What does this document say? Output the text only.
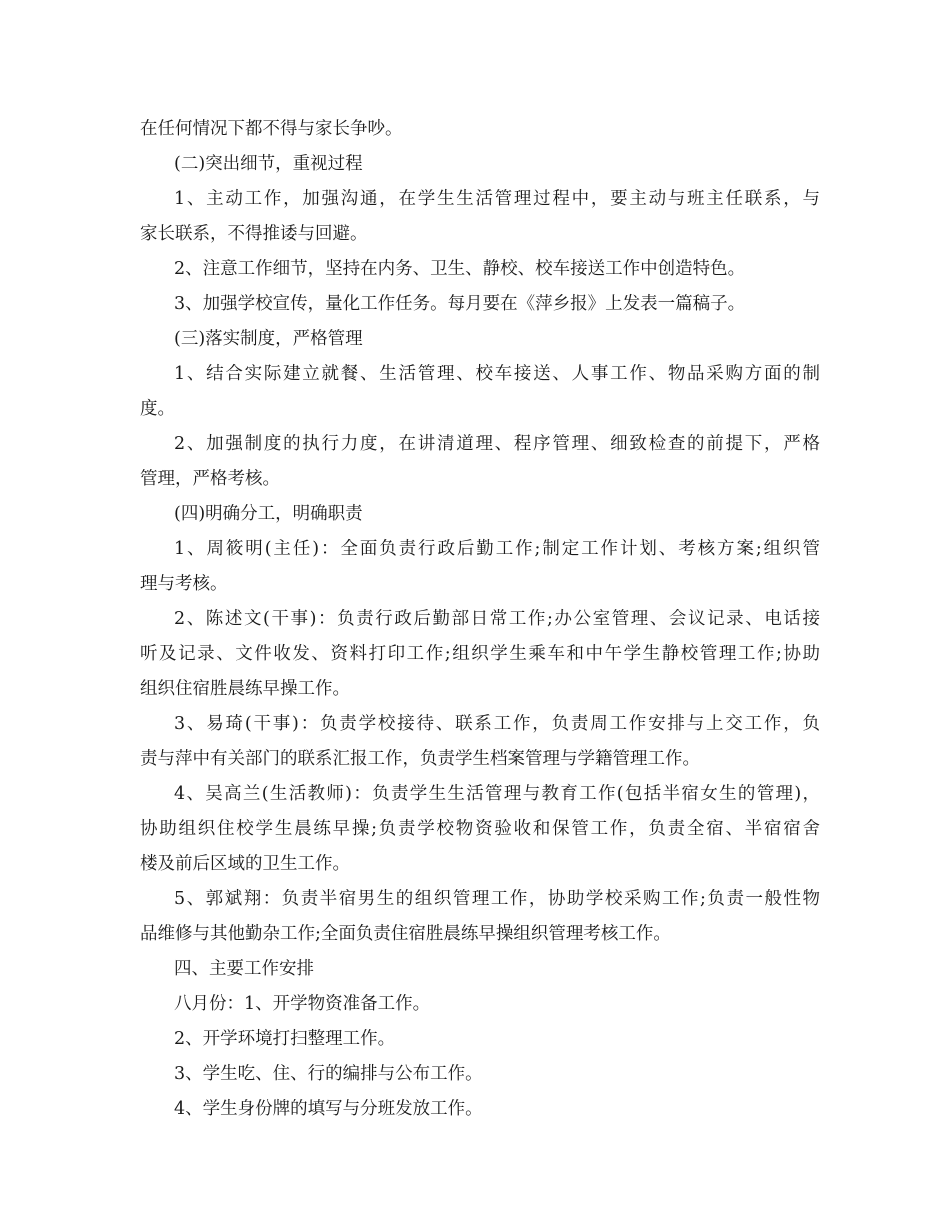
在任何情况下都不得与家长争吵。
(二)突出细节，重视过程
1、主动工作，加强沟通，在学生生活管理过程中，要主动与班主任联系，与
家长联系，不得推诿与回避。
2、注意工作细节，坚持在内务、卫生、静校、校车接送工作中创造特色。
3、加强学校宣传，量化工作任务。每月要在《萍乡报》上发表一篇稿子。
(三)落实制度，严格管理
1、结合实际建立就餐、生活管理、校车接送、人事工作、物品采购方面的制
度。
2、加强制度的执行力度，在讲清道理、程序管理、细致检查的前提下，严格
管理，严格考核。
(四)明确分工，明确职责
1、周筱明(主任)：全面负责行政后勤工作;制定工作计划、考核方案;组织管
理与考核。
2、陈述文(干事)：负责行政后勤部日常工作;办公室管理、会议记录、电话接
听及记录、文件收发、资料打印工作;组织学生乘车和中午学生静校管理工作;协助
组织住宿胜晨练早操工作。
3、易琦(干事)：负责学校接待、联系工作，负责周工作安排与上交工作，负
责与萍中有关部门的联系汇报工作，负责学生档案管理与学籍管理工作。
4、吴高兰(生活教师)：负责学生生活管理与教育工作(包括半宿女生的管理)，
协助组织住校学生晨练早操;负责学校物资验收和保管工作，负责全宿、半宿宿舍
楼及前后区域的卫生工作。
5、郭斌翔：负责半宿男生的组织管理工作，协助学校采购工作;负责一般性物
品维修与其他勤杂工作;全面负责住宿胜晨练早操组织管理考核工作。
四、主要工作安排
八月份：1、开学物资准备工作。
2、开学环境打扫整理工作。
3、学生吃、住、行的编排与公布工作。
4、学生身份牌的填写与分班发放工作。
